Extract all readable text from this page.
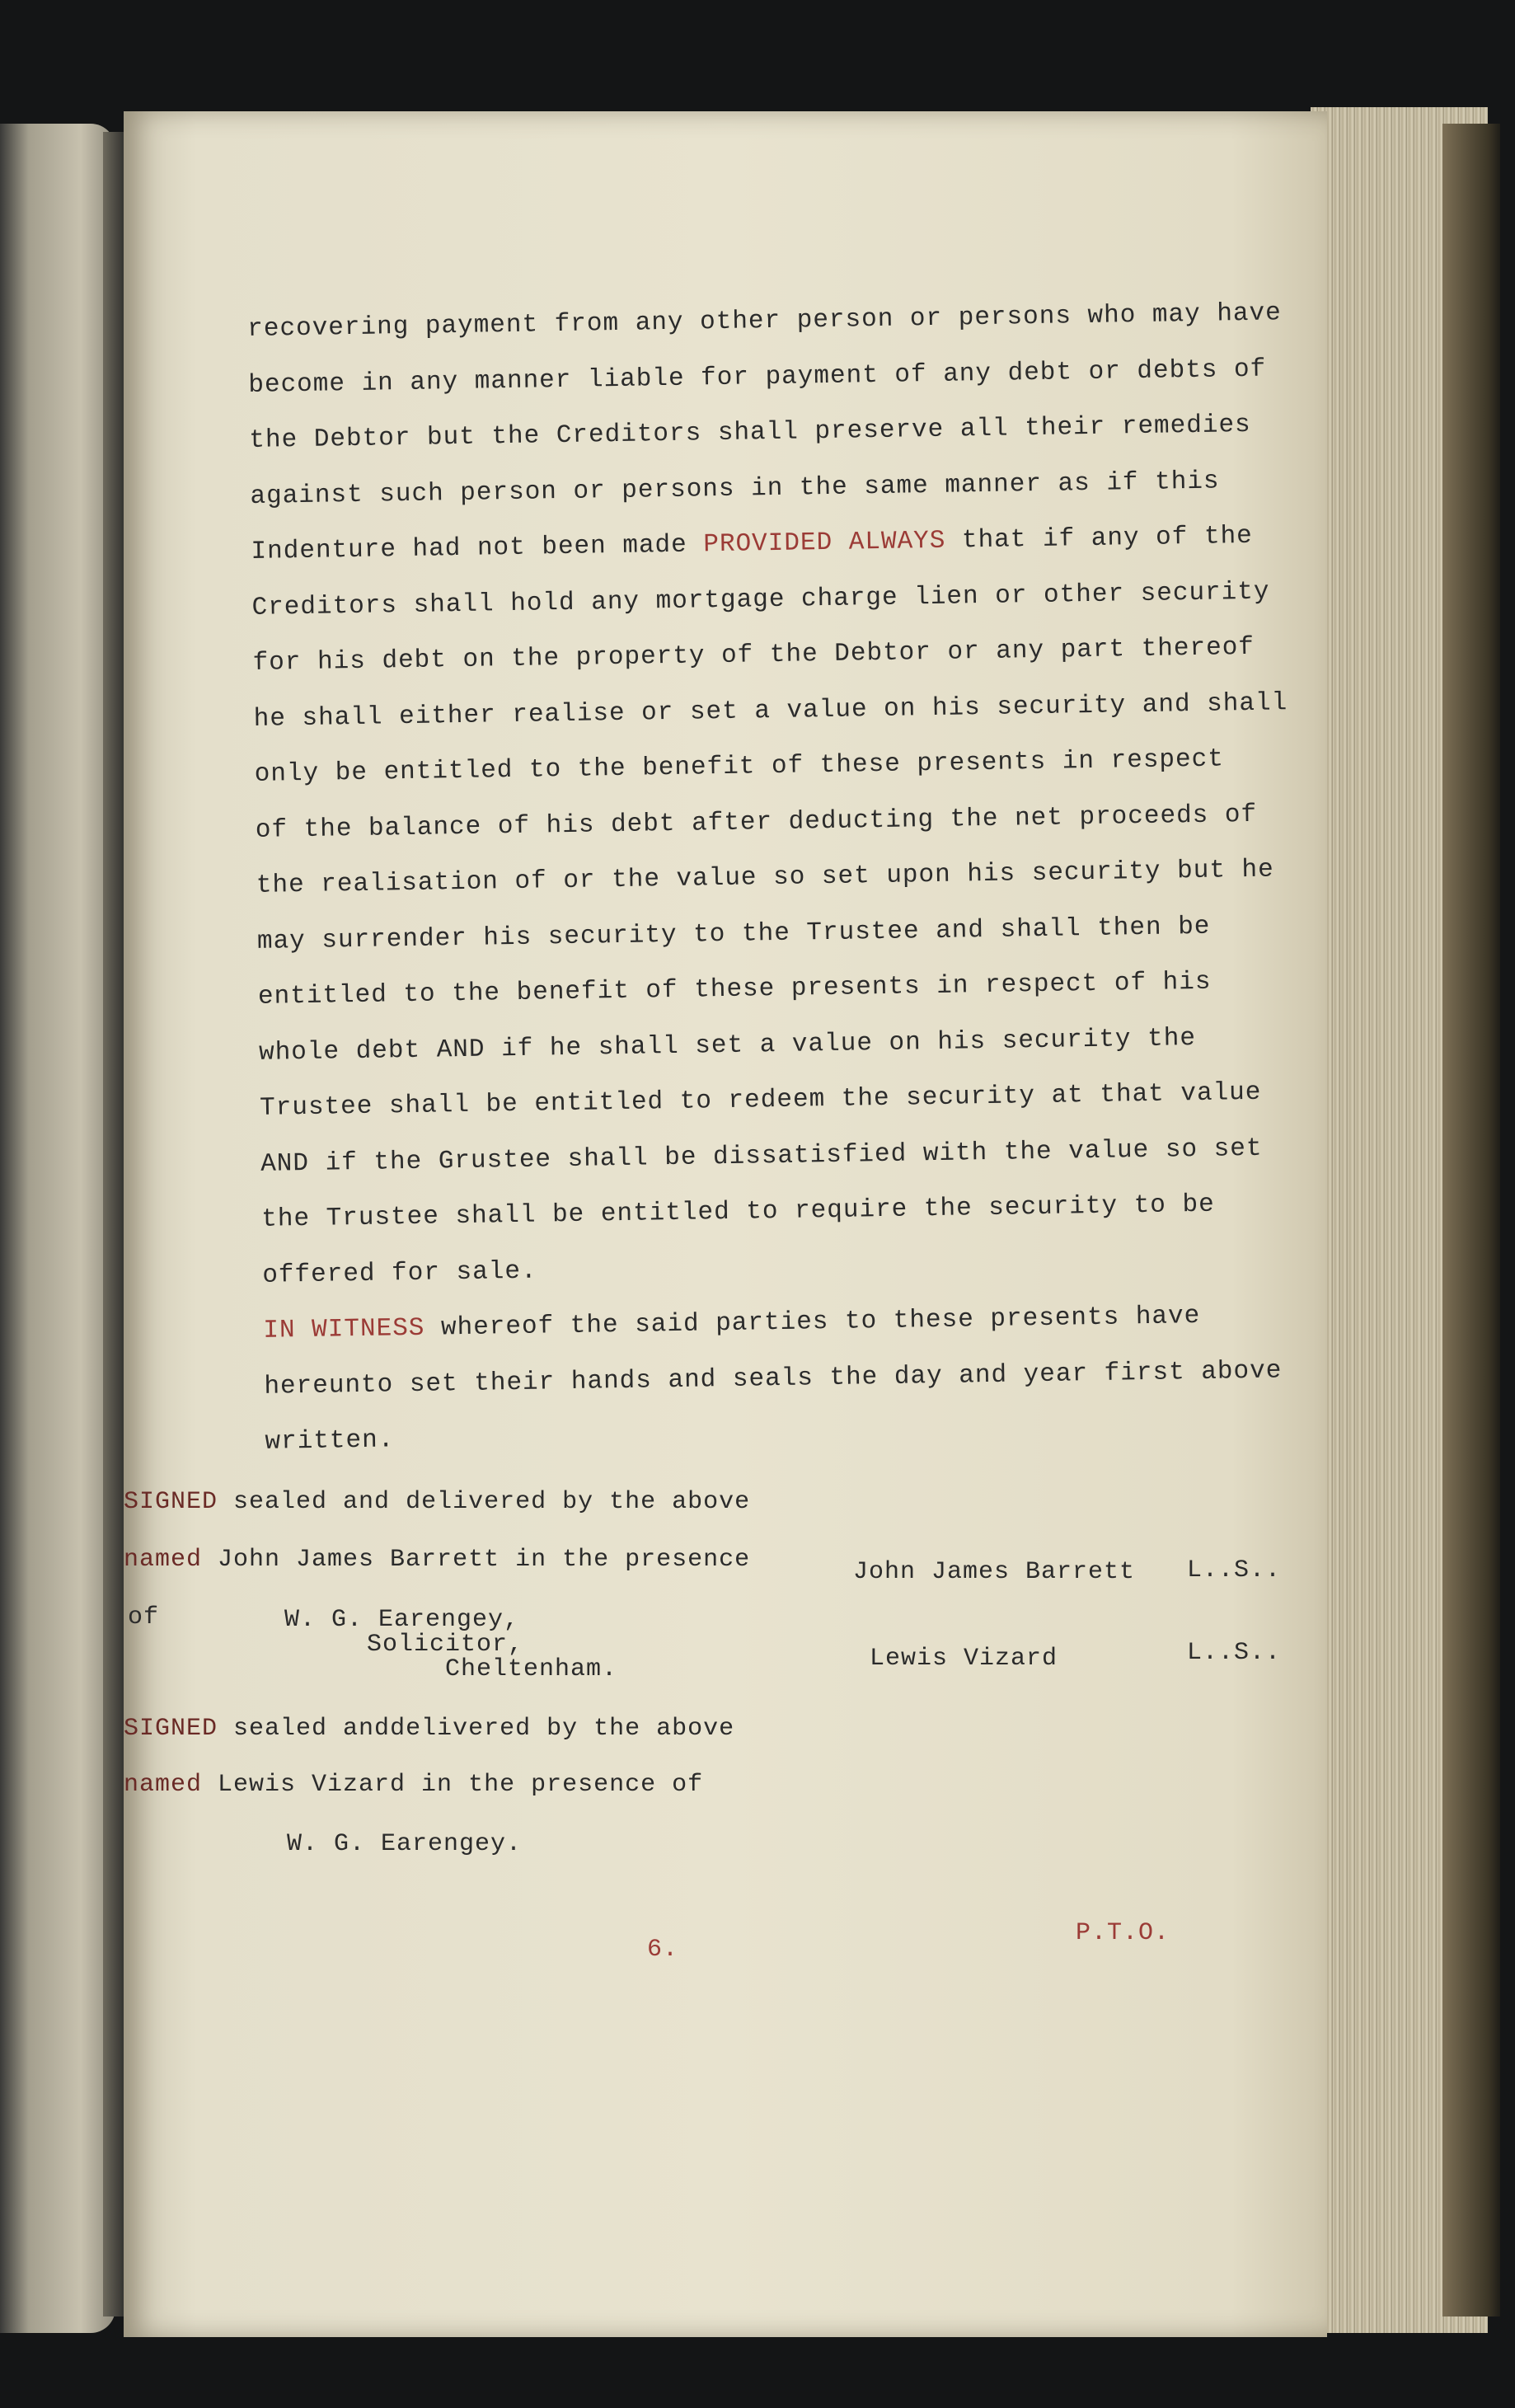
recovering payment from any other person or persons who may have
become in any manner liable for payment of any debt or debts of
the Debtor but the Creditors shall preserve all their remedies
against such person or persons in the same manner as if this
Indenture had not been made PROVIDED ALWAYS that if any of the
Creditors shall hold any mortgage charge lien or other security
for his debt on the property of the Debtor or any part thereof
he shall either realise or set a value on his security and shall
only be entitled to the benefit of these presents in respect
of the balance of his debt after deducting the net proceeds of
the realisation of or the value so set upon his security but he
may surrender his security to the Trustee and shall then be
entitled to the benefit of these presents in respect of his
whole debt AND if he shall set a value on his security the
Trustee shall be entitled to redeem the security at that value
AND if the Grustee shall be dissatisfied with the value so set
the Trustee shall be entitled to require the security to be
offered for sale.
IN WITNESS whereof the said parties to these presents have
hereunto set their hands and seals the day and year first above
written.
SIGNED sealed and delivered by the above
named John James Barrett in the presence
of	W. G. Earengey,
Solicitor,
Cheltenham.
SIGNED sealed anddelivered by the above
named Lewis Vizard in the presence of
W. G. Earengey.
John James Barrett L..S..
Lewis Vizard	L..S..
6.
P.T.O.
